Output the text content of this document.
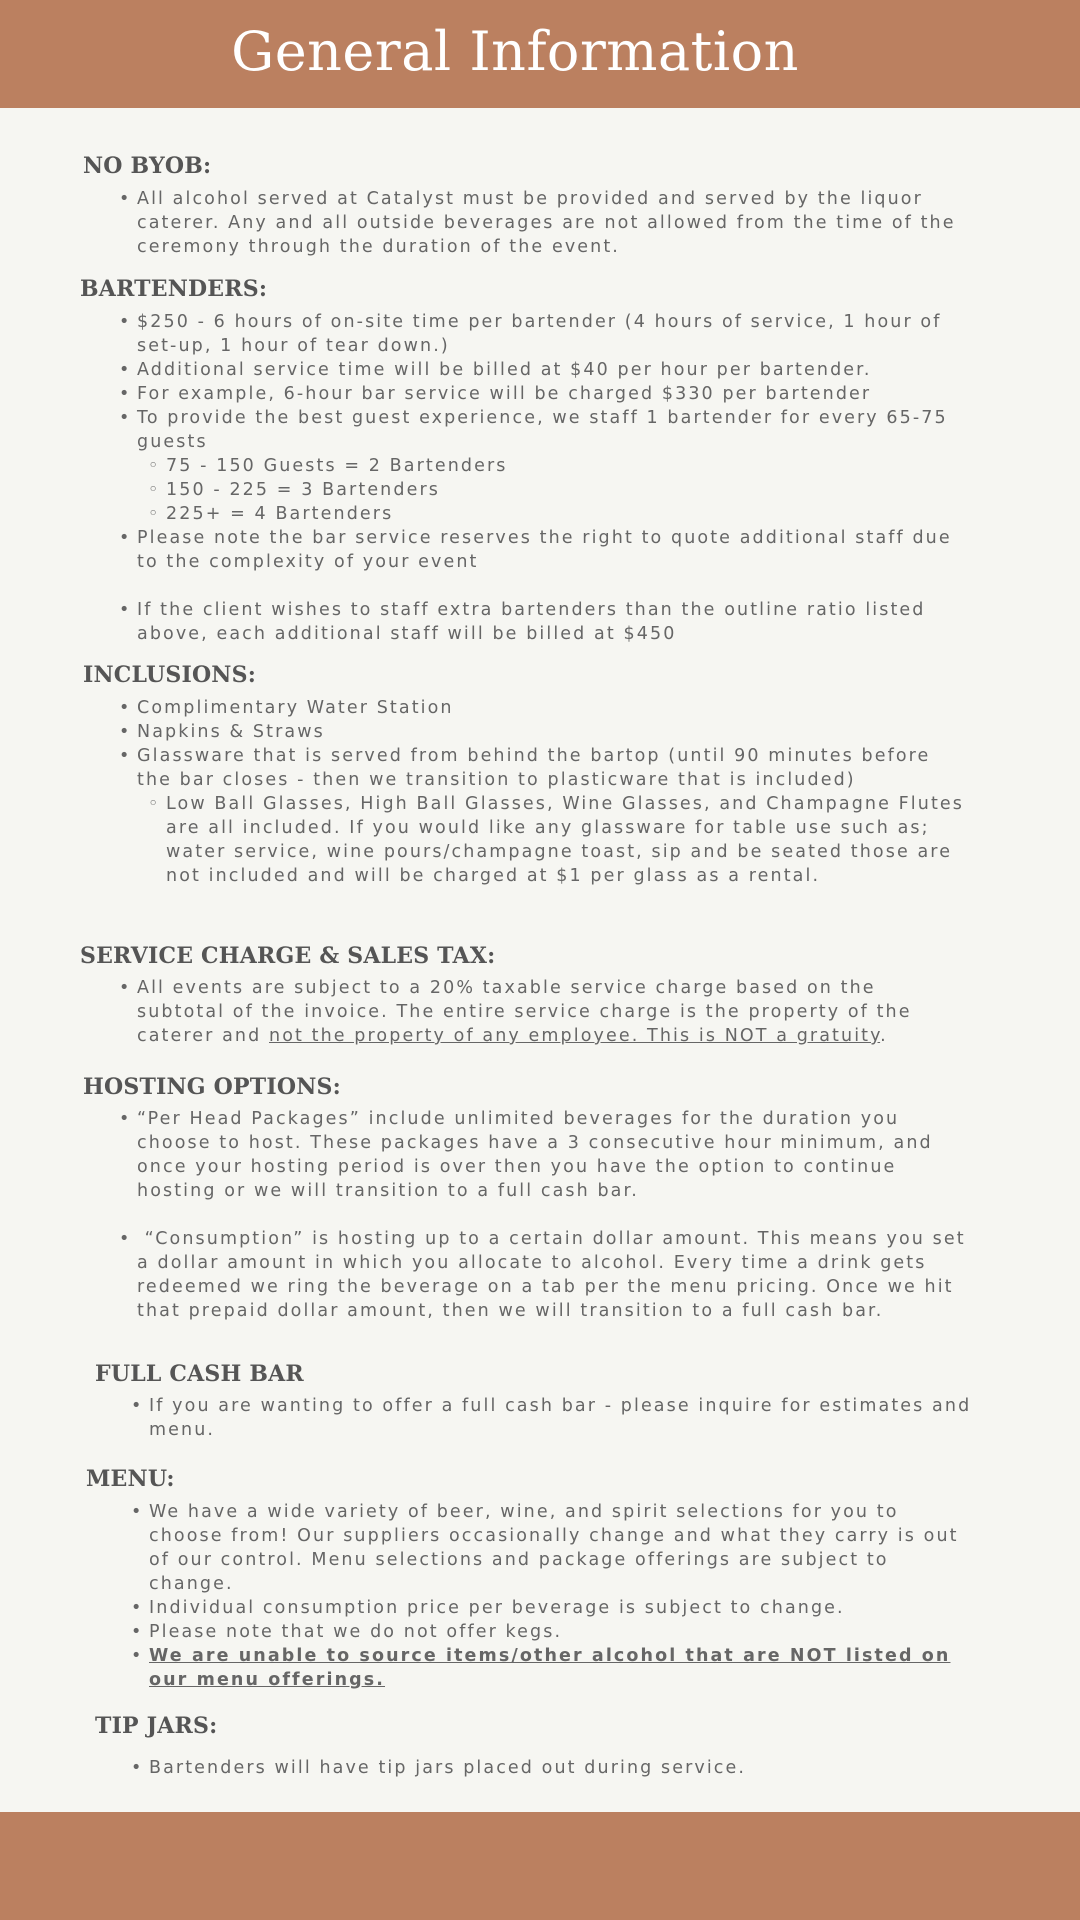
General Information
NO BYOB:
• All alcohol served at Catalyst must be provided and served by the liquor caterer. Any and all outside beverages are not allowed from the time of the ceremony through the duration of the event.
BARTENDERS:
• $250 - 6 hours of on-site time per bartender (4 hours of service, 1 hour of set-up, 1 hour of tear down.)
• Additional service time will be billed at $40 per hour per bartender.
• For example, 6-hour bar service will be charged $330 per bartender
• To provide the best guest experience, we staff 1 bartender for every 65-75 guests
◦ 75 - 150 Guests = 2 Bartenders
◦ 150 - 225 = 3 Bartenders
◦ 225+ = 4 Bartenders
• Please note the bar service reserves the right to quote additional staff due to the complexity of your event
• If the client wishes to staff extra bartenders than the outline ratio listed above, each additional staff will be billed at $450
INCLUSIONS:
• Complimentary Water Station
• Napkins & Straws
• Glassware that is served from behind the bartop (until 90 minutes before the bar closes - then we transition to plasticware that is included)
◦ Low Ball Glasses, High Ball Glasses, Wine Glasses, and Champagne Flutes are all included. If you would like any glassware for table use such as; water service, wine pours/champagne toast, sip and be seated those are not included and will be charged at $1 per glass as a rental.
SERVICE CHARGE & SALES TAX:
• All events are subject to a 20% taxable service charge based on the subtotal of the invoice. The entire service charge is the property of the caterer and not the property of any employee. This is NOT a gratuity.
HOSTING OPTIONS:
• “Per Head Packages” include unlimited beverages for the duration you choose to host. These packages have a 3 consecutive hour minimum, and once your hosting period is over then you have the option to continue hosting or we will transition to a full cash bar.
•  “Consumption” is hosting up to a certain dollar amount. This means you set a dollar amount in which you allocate to alcohol. Every time a drink gets redeemed we ring the beverage on a tab per the menu pricing. Once we hit that prepaid dollar amount, then we will transition to a full cash bar.
FULL CASH BAR
• If you are wanting to offer a full cash bar - please inquire for estimates and menu.
MENU:
• We have a wide variety of beer, wine, and spirit selections for you to choose from! Our suppliers occasionally change and what they carry is out of our control. Menu selections and package offerings are subject to change.
• Individual consumption price per beverage is subject to change.
• Please note that we do not offer kegs.
• We are unable to source items/other alcohol that are NOT listed on our menu offerings.
TIP JARS:
• Bartenders will have tip jars placed out during service.
